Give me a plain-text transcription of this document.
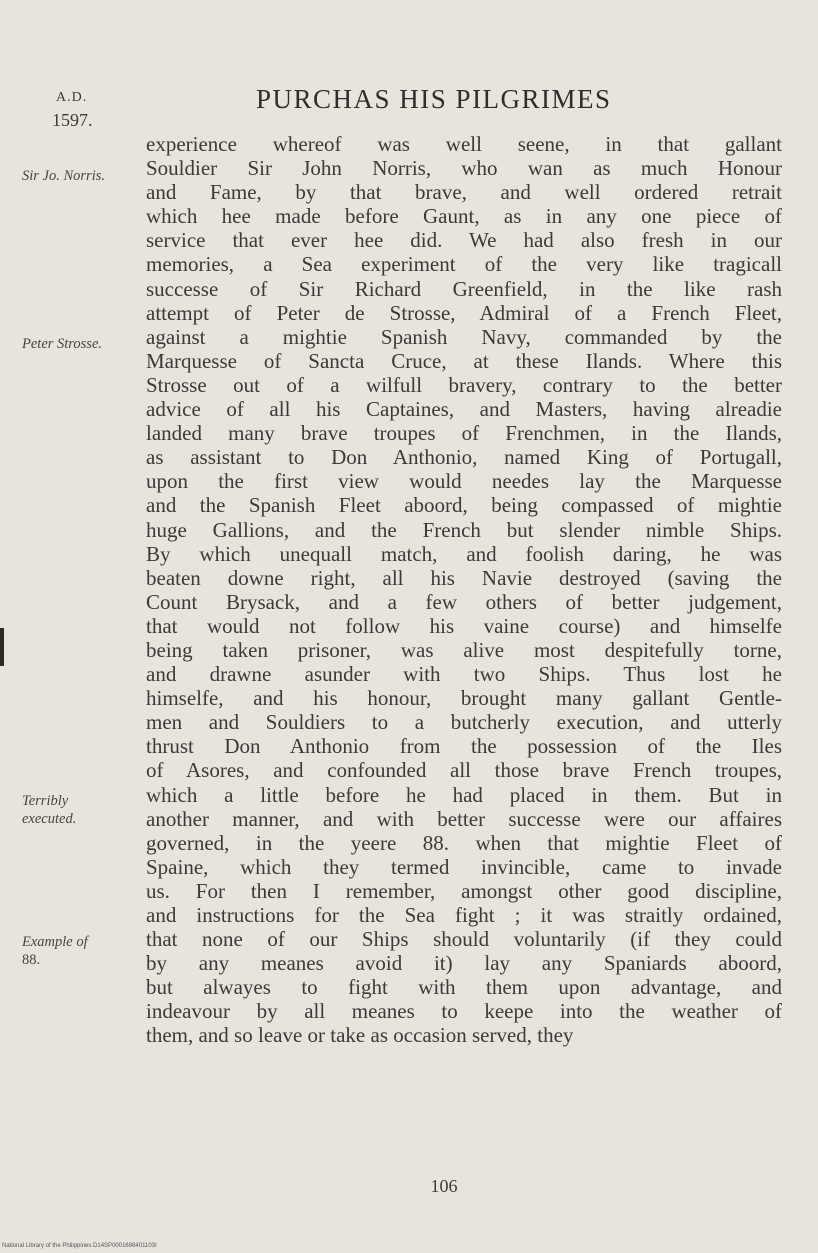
A.D.
1597.
PURCHAS HIS PILGRIMES
Sir Jo. Norris.
Peter Strosse.
Terribly
executed.
Example of
88.
experience whereof was well seene, in that gallant
Souldier Sir John Norris, who wan as much Honour
and Fame, by that brave, and well ordered retrait
which hee made before Gaunt, as in any one piece of
service that ever hee did. We had also fresh in our
memories, a Sea experiment of the very like tragicall
successe of Sir Richard Greenfield, in the like rash
attempt of Peter de Strosse, Admiral of a French Fleet,
against a mightie Spanish Navy, commanded by the
Marquesse of Sancta Cruce, at these Ilands. Where this
Strosse out of a wilfull bravery, contrary to the better
advice of all his Captaines, and Masters, having alreadie
landed many brave troupes of Frenchmen, in the Ilands,
as assistant to Don Anthonio, named King of Portugall,
upon the first view would needes lay the Marquesse
and the Spanish Fleet aboord, being compassed of mightie
huge Gallions, and the French but slender nimble Ships.
By which unequall match, and foolish daring, he was
beaten downe right, all his Navie destroyed (saving the
Count Brysack, and a few others of better judgement,
that would not follow his vaine course) and himselfe
being taken prisoner, was alive most despitefully torne,
and drawne asunder with two Ships. Thus lost he
himselfe, and his honour, brought many gallant Gentle-
men and Souldiers to a butcherly execution, and utterly
thrust Don Anthonio from the possession of the Iles
of Asores, and confounded all those brave French troupes,
which a little before he had placed in them. But in
another manner, and with better successe were our affaires
governed, in the yeere 88. when that mightie Fleet of
Spaine, which they termed invincible, came to invade
us. For then I remember, amongst other good discipline,
and instructions for the Sea fight ; it was straitly ordained,
that none of our Ships should voluntarily (if they could
by any meanes avoid it) lay any Spaniards aboord,
but alwayes to fight with them upon advantage, and
indeavour by all meanes to keepe into the weather of
them, and so leave or take as occasion served, they
106
National Library of the Philippines D14SP0001698401103I
